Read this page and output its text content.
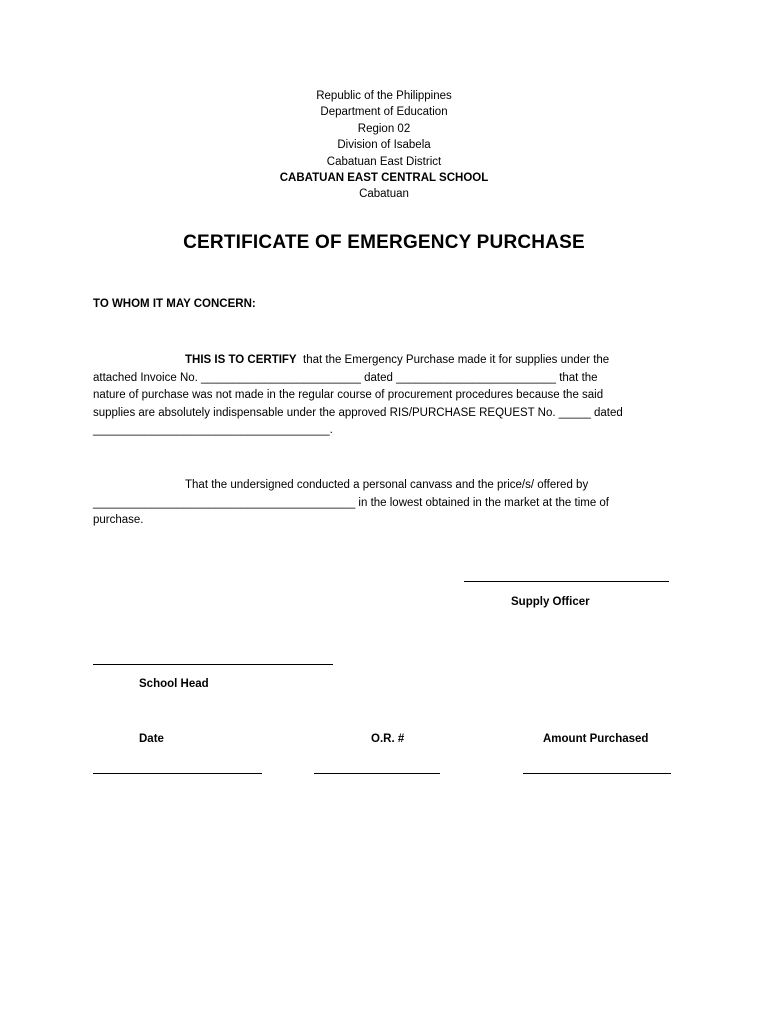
Republic of the Philippines
Department of Education
Region 02
Division of Isabela
Cabatuan East District
CABATUAN EAST CENTRAL SCHOOL
Cabatuan
CERTIFICATE OF EMERGENCY PURCHASE
TO WHOM IT MAY CONCERN:
THIS IS TO CERTIFY  that the Emergency Purchase made it for supplies under the
attached Invoice No. _________________________ dated _________________________ that the
nature of purchase was not made in the regular course of procurement procedures because the said
supplies are absolutely indispensable under the approved RIS/PURCHASE REQUEST No. _____ dated
_____________________________________.
That the undersigned conducted a personal canvass and the price/s/ offered by
_________________________________________ in the lowest obtained in the market at the time of
purchase.
Supply Officer
School Head
Date	O.R. #	Amount Purchased
